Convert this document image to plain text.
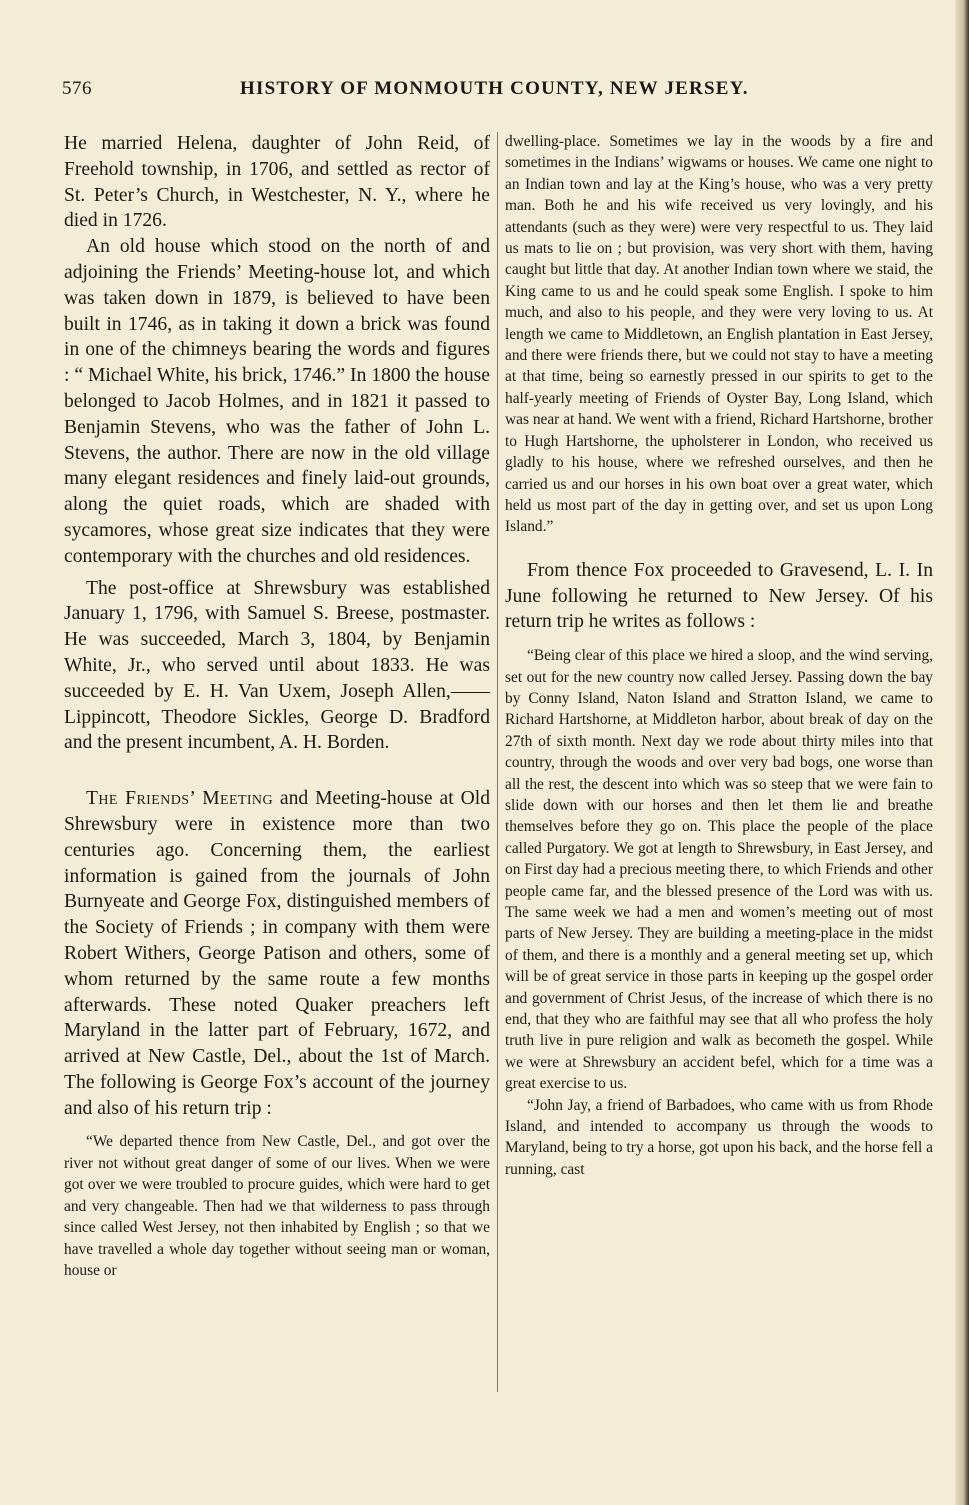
576	HISTORY OF MONMOUTH COUNTY, NEW JERSEY.

He married Helena, daughter of John Reid, of Freehold township, in 1706, and settled as rector of St. Peter’s Church, in Westchester, N. Y., where he died in 1726.

An old house which stood on the north of and adjoining the Friends’ Meeting-house lot, and which was taken down in 1879, is believed to have been built in 1746, as in taking it down a brick was found in one of the chimneys bearing the words and figures : “ Michael White, his brick, 1746.” In 1800 the house belonged to Jacob Holmes, and in 1821 it passed to Benjamin Stevens, who was the father of John L. Stevens, the author. There are now in the old village many elegant residences and finely laid-out grounds, along the quiet roads, which are shaded with sycamores, whose great size indicates that they were contemporary with the churches and old residences.

The post-office at Shrewsbury was established January 1, 1796, with Samuel S. Breese, postmaster. He was succeeded, March 3, 1804, by Benjamin White, Jr., who served until about 1833. He was succeeded by E. H. Van Uxem, Joseph Allen,——Lippincott, Theodore Sickles, George D. Bradford and the present incumbent, A. H. Borden.

The Friends’ Meeting and Meeting-house at Old Shrewsbury were in existence more than two centuries ago. Concerning them, the earliest information is gained from the journals of John Burnyeate and George Fox, distinguished members of the Society of Friends ; in company with them were Robert Withers, George Patison and others, some of whom returned by the same route a few months afterwards. These noted Quaker preachers left Maryland in the latter part of February, 1672, and arrived at New Castle, Del., about the 1st of March. The following is George Fox’s account of the journey and also of his return trip :

“We departed thence from New Castle, Del., and got over the river not without great danger of some of our lives. When we were got over we were troubled to procure guides, which were hard to get and very changeable. Then had we that wilderness to pass through since called West Jersey, not then inhabited by English ; so that we have travelled a whole day together without seeing man or woman, house or

dwelling-place. Sometimes we lay in the woods by a fire and sometimes in the Indians’ wigwams or houses. We came one night to an Indian town and lay at the King’s house, who was a very pretty man. Both he and his wife received us very lovingly, and his attendants (such as they were) were very respectful to us. They laid us mats to lie on ; but provision, was very short with them, having caught but little that day. At another Indian town where we staid, the King came to us and he could speak some English. I spoke to him much, and also to his people, and they were very loving to us. At length we came to Middletown, an English plantation in East Jersey, and there were friends there, but we could not stay to have a meeting at that time, being so earnestly pressed in our spirits to get to the half-yearly meeting of Friends of Oyster Bay, Long Island, which was near at hand. We went with a friend, Richard Hartshorne, brother to Hugh Hartshorne, the upholsterer in London, who received us gladly to his house, where we refreshed ourselves, and then he carried us and our horses in his own boat over a great water, which held us most part of the day in getting over, and set us upon Long Island.”

From thence Fox proceeded to Gravesend, L. I. In June following he returned to New Jersey. Of his return trip he writes as follows :

“Being clear of this place we hired a sloop, and the wind serving, set out for the new country now called Jersey. Passing down the bay by Conny Island, Naton Island and Stratton Island, we came to Richard Hartshorne, at Middleton harbor, about break of day on the 27th of sixth month. Next day we rode about thirty miles into that country, through the woods and over very bad bogs, one worse than all the rest, the descent into which was so steep that we were fain to slide down with our horses and then let them lie and breathe themselves before they go on. This place the people of the place called Purgatory. We got at length to Shrewsbury, in East Jersey, and on First day had a precious meeting there, to which Friends and other people came far, and the blessed presence of the Lord was with us. The same week we had a men and women’s meeting out of most parts of New Jersey. They are building a meeting-place in the midst of them, and there is a monthly and a general meeting set up, which will be of great service in those parts in keeping up the gospel order and government of Christ Jesus, of the increase of which there is no end, that they who are faithful may see that all who profess the holy truth live in pure religion and walk as becometh the gospel. While we were at Shrewsbury an accident befel, which for a time was a great exercise to us.

“John Jay, a friend of Barbadoes, who came with us from Rhode Island, and intended to accompany us through the woods to Maryland, being to try a horse, got upon his back, and the horse fell a running, cast
